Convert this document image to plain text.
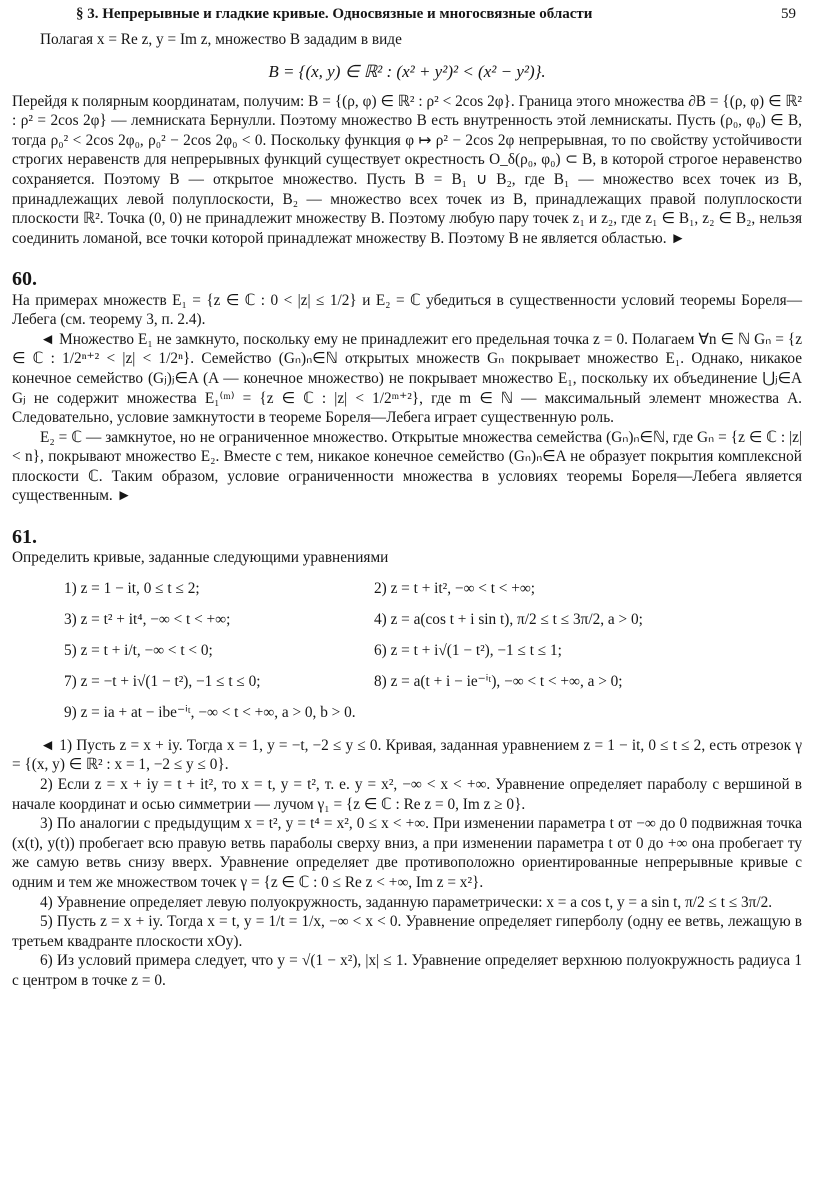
§ 3. Непрерывные и гладкие кривые. Односвязные и многосвязные области	59

Полагая x = Re z, y = Im z, множество B зададим в виде

B = {(x, y) ∈ ℝ² : (x² + y²)² < (x² − y²)}.

Перейдя к полярным координатам, получим: B = {(ρ, φ) ∈ ℝ² : ρ² < 2cos 2φ}. Граница этого множества ∂B = {(ρ, φ) ∈ ℝ² : ρ² = 2cos 2φ} — лемниската Бернулли. Поэтому множество B есть внутренность этой лемнискаты. Пусть (ρ₀, φ₀) ∈ B, тогда ρ₀² < 2cos 2φ₀, ρ₀² − 2cos 2φ₀ < 0. Поскольку функция φ ↦ ρ² − 2cos 2φ непрерывная, то по свойству устойчивости строгих неравенств для непрерывных функций существует окрестность O_δ(ρ₀, φ₀) ⊂ B, в которой строгое неравенство сохраняется. Поэтому B — открытое множество. Пусть B = B₁ ∪ B₂, где B₁ — множество всех точек из B, принадлежащих левой полуплоскости, B₂ — множество всех точек из B, принадлежащих правой полуплоскости плоскости ℝ². Точка (0, 0) не принадлежит множеству B. Поэтому любую пару точек z₁ и z₂, где z₁ ∈ B₁, z₂ ∈ B₂, нельзя соединить ломаной, все точки которой принадлежат множеству B. Поэтому B не является областью. ►

60.
На примерах множеств E₁ = {z ∈ ℂ : 0 < |z| ≤ 1/2} и E₂ = ℂ убедиться в существенности условий теоремы Бореля—Лебега (см. теорему 3, п. 2.4).

◄ Множество E₁ не замкнуто, поскольку ему не принадлежит его предельная точка z = 0. Полагаем ∀n ∈ ℕ Gₙ = {z ∈ ℂ : 1/2ⁿ⁺² < |z| < 1/2ⁿ}. Семейство (Gₙ)ₙ∈ℕ открытых множеств Gₙ покрывает множество E₁. Однако, никакое конечное семейство (Gⱼ)ⱼ∈A (A — конечное множество) не покрывает множество E₁, поскольку их объединение ⋃ⱼ∈A Gⱼ не содержит множества E₁⁽ᵐ⁾ = {z ∈ ℂ : |z| < 1/2ᵐ⁺²}, где m ∈ ℕ — максимальный элемент множества A. Следовательно, условие замкнутости в теореме Бореля—Лебега играет существенную роль.

E₂ = ℂ — замкнутое, но не ограниченное множество. Открытые множества семейства (Gₙ)ₙ∈ℕ, где Gₙ = {z ∈ ℂ : |z| < n}, покрывают множество E₂. Вместе с тем, никакое конечное семейство (Gₙ)ₙ∈A не образует покрытия комплексной плоскости ℂ. Таким образом, условие ограниченности множества в условиях теоремы Бореля—Лебега является существенным. ►

61.
Определить кривые, заданные следующими уравнениями

1) z = 1 − it, 0 ≤ t ≤ 2;	2) z = t + it², −∞ < t < +∞;
3) z = t² + it⁴, −∞ < t < +∞;	4) z = a(cos t + i sin t), π/2 ≤ t ≤ 3π/2, a > 0;
5) z = t + i/t, −∞ < t < 0;	6) z = t + i√(1 − t²), −1 ≤ t ≤ 1;
7) z = −t + i√(1 − t²), −1 ≤ t ≤ 0;	8) z = a(t + i − ie⁻ⁱᵗ), −∞ < t < +∞, a > 0;
9) z = ia + at − ibe⁻ⁱᵗ, −∞ < t < +∞, a > 0, b > 0.

◄ 1) Пусть z = x + iy. Тогда x = 1, y = −t, −2 ≤ y ≤ 0. Кривая, заданная уравнением z = 1 − it, 0 ≤ t ≤ 2, есть отрезок γ = {(x, y) ∈ ℝ² : x = 1, −2 ≤ y ≤ 0}.

2) Если z = x + iy = t + it², то x = t, y = t², т. е. y = x², −∞ < x < +∞. Уравнение определяет параболу с вершиной в начале координат и осью симметрии — лучом γ₁ = {z ∈ ℂ : Re z = 0, Im z ≥ 0}.

3) По аналогии с предыдущим x = t², y = t⁴ = x², 0 ≤ x < +∞. При изменении параметра t от −∞ до 0 подвижная точка (x(t), y(t)) пробегает всю правую ветвь параболы сверху вниз, а при изменении параметра t от 0 до +∞ она пробегает ту же самую ветвь снизу вверх. Уравнение определяет две противоположно ориентированные непрерывные кривые с одним и тем же множеством точек γ = {z ∈ ℂ : 0 ≤ Re z < +∞, Im z = x²}.

4) Уравнение определяет левую полуокружность, заданную параметрически: x = a cos t, y = a sin t, π/2 ≤ t ≤ 3π/2.

5) Пусть z = x + iy. Тогда x = t, y = 1/t = 1/x, −∞ < x < 0. Уравнение определяет гиперболу (одну ее ветвь, лежащую в третьем квадранте плоскости xOy).

6) Из условий примера следует, что y = √(1 − x²), |x| ≤ 1. Уравнение определяет верхнюю полуокружность радиуса 1 с центром в точке z = 0.
